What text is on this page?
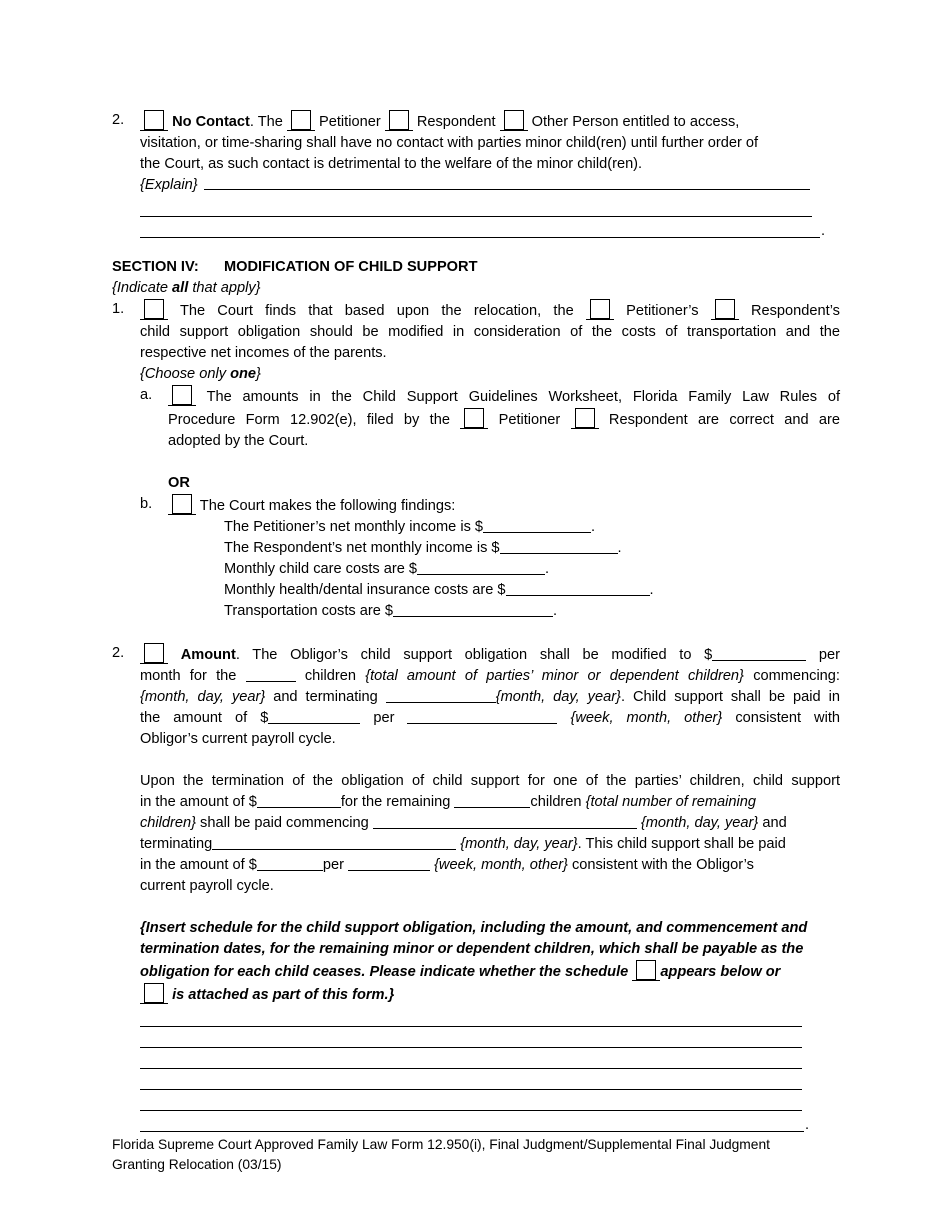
2.	No Contact. The Petitioner Respondent Other Person entitled to access,
visitation, or time-sharing shall have no contact with parties minor child(ren) until further order of
the Court, as such contact is detrimental to the welfare of the minor child(ren).
{Explain}
.
SECTION IV: MODIFICATION OF CHILD SUPPORT
{Indicate all that apply}
1.	The Court finds that based upon the relocation, the	Petitioner’s	Respondent’s
child support obligation should be modified in consideration of the costs of transportation and the
respective net incomes of the parents.
{Choose only one}
a.	The amounts in the Child Support Guidelines Worksheet, Florida Family Law Rules of
Procedure Form 12.902(e), filed by the	Petitioner	Respondent are correct and are
adopted by the Court.
OR
b.	The Court makes the following findings:
The Petitioner’s net monthly income is $	.
The Respondent’s net monthly income is $	.
Monthly child care costs are $	.
Monthly health/dental insurance costs are $	.
Transportation costs are $	.
2.	Amount. The Obligor’s child support obligation shall be modified to $	per
month for the	children {total amount of parties’ minor or dependent children} commencing:
{month, day, year} and terminating	{month, day, year}. Child support shall be paid in
the amount of $	per	{week, month, other} consistent with
Obligor’s current payroll cycle.
Upon the termination of the obligation of child support for one of the parties’ children, child support
in the amount of $	for the remaining	children {total number of remaining
children} shall be paid commencing	{month, day, year} and
terminating	{month, day, year}. This child support shall be paid
in the amount of $	per	{week, month, other} consistent with the Obligor’s
current payroll cycle.
{Insert schedule for the child support obligation, including the amount, and commencement and
termination dates, for the remaining minor or dependent children, which shall be payable as the
obligation for each child ceases. Please indicate whether the schedule appears below or
is attached as part of this form.}
.
Florida Supreme Court Approved Family Law Form 12.950(i), Final Judgment/Supplemental Final Judgment
Granting Relocation (03/15)
